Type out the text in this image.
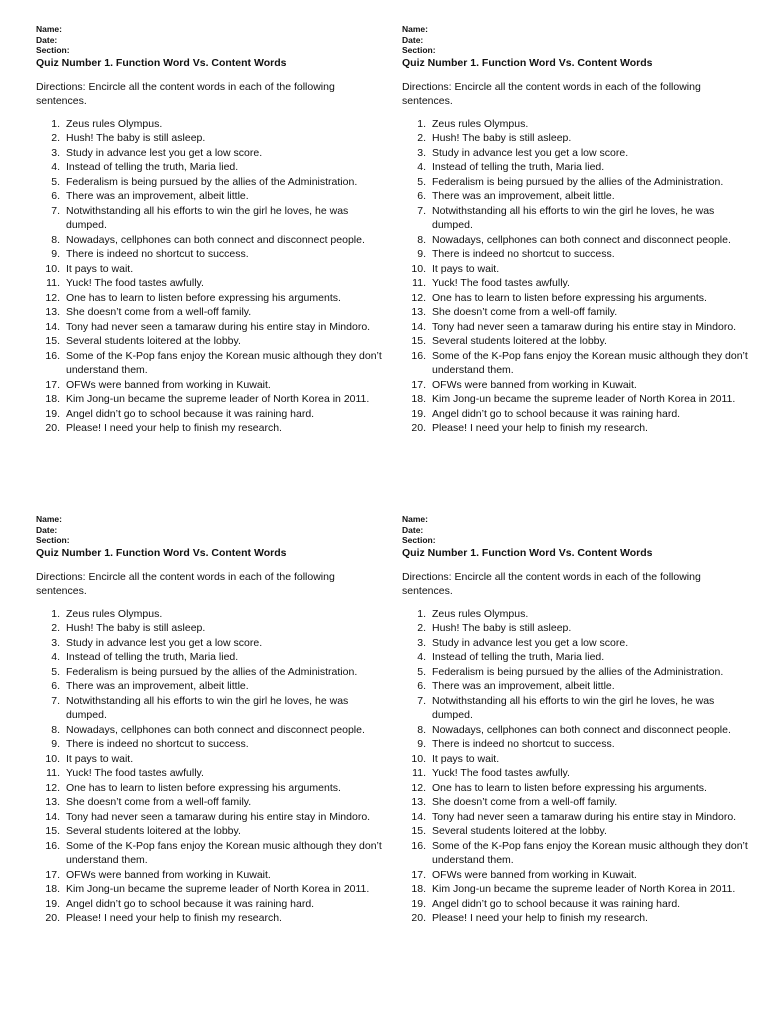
Name:
Date:
Section:
Quiz Number 1. Function Word Vs. Content Words
Directions: Encircle all the content words in each of the following sentences.
1. Zeus rules Olympus.
2. Hush! The baby is still asleep.
3. Study in advance lest you get a low score.
4. Instead of telling the truth, Maria lied.
5. Federalism is being pursued by the allies of the Administration.
6. There was an improvement, albeit little.
7. Notwithstanding all his efforts to win the girl he loves, he was dumped.
8. Nowadays, cellphones can both connect and disconnect people.
9. There is indeed no shortcut to success.
10. It pays to wait.
11. Yuck! The food tastes awfully.
12. One has to learn to listen before expressing his arguments.
13. She doesn’t come from a well-off family.
14. Tony had never seen a tamaraw during his entire stay in Mindoro.
15. Several students loitered at the lobby.
16. Some of the K-Pop fans enjoy the Korean music although they don’t understand them.
17. OFWs were banned from working in Kuwait.
18. Kim Jong-un became the supreme leader of North Korea in 2011.
19. Angel didn’t go to school because it was raining hard.
20. Please! I need your help to finish my research.
Name:
Date:
Section:
Quiz Number 1. Function Word Vs. Content Words
Directions: Encircle all the content words in each of the following sentences.
1. Zeus rules Olympus.
2. Hush! The baby is still asleep.
3. Study in advance lest you get a low score.
4. Instead of telling the truth, Maria lied.
5. Federalism is being pursued by the allies of the Administration.
6. There was an improvement, albeit little.
7. Notwithstanding all his efforts to win the girl he loves, he was dumped.
8. Nowadays, cellphones can both connect and disconnect people.
9. There is indeed no shortcut to success.
10. It pays to wait.
11. Yuck! The food tastes awfully.
12. One has to learn to listen before expressing his arguments.
13. She doesn’t come from a well-off family.
14. Tony had never seen a tamaraw during his entire stay in Mindoro.
15. Several students loitered at the lobby.
16. Some of the K-Pop fans enjoy the Korean music although they don’t understand them.
17. OFWs were banned from working in Kuwait.
18. Kim Jong-un became the supreme leader of North Korea in 2011.
19. Angel didn’t go to school because it was raining hard.
20. Please! I need your help to finish my research.
Name:
Date:
Section:
Quiz Number 1. Function Word Vs. Content Words
Directions: Encircle all the content words in each of the following sentences.
1. Zeus rules Olympus.
2. Hush! The baby is still asleep.
3. Study in advance lest you get a low score.
4. Instead of telling the truth, Maria lied.
5. Federalism is being pursued by the allies of the Administration.
6. There was an improvement, albeit little.
7. Notwithstanding all his efforts to win the girl he loves, he was dumped.
8. Nowadays, cellphones can both connect and disconnect people.
9. There is indeed no shortcut to success.
10. It pays to wait.
11. Yuck! The food tastes awfully.
12. One has to learn to listen before expressing his arguments.
13. She doesn’t come from a well-off family.
14. Tony had never seen a tamaraw during his entire stay in Mindoro.
15. Several students loitered at the lobby.
16. Some of the K-Pop fans enjoy the Korean music although they don’t understand them.
17. OFWs were banned from working in Kuwait.
18. Kim Jong-un became the supreme leader of North Korea in 2011.
19. Angel didn’t go to school because it was raining hard.
20. Please! I need your help to finish my research.
Name:
Date:
Section:
Quiz Number 1. Function Word Vs. Content Words
Directions: Encircle all the content words in each of the following sentences.
1. Zeus rules Olympus.
2. Hush! The baby is still asleep.
3. Study in advance lest you get a low score.
4. Instead of telling the truth, Maria lied.
5. Federalism is being pursued by the allies of the Administration.
6. There was an improvement, albeit little.
7. Notwithstanding all his efforts to win the girl he loves, he was dumped.
8. Nowadays, cellphones can both connect and disconnect people.
9. There is indeed no shortcut to success.
10. It pays to wait.
11. Yuck! The food tastes awfully.
12. One has to learn to listen before expressing his arguments.
13. She doesn’t come from a well-off family.
14. Tony had never seen a tamaraw during his entire stay in Mindoro.
15. Several students loitered at the lobby.
16. Some of the K-Pop fans enjoy the Korean music although they don’t understand them.
17. OFWs were banned from working in Kuwait.
18. Kim Jong-un became the supreme leader of North Korea in 2011.
19. Angel didn’t go to school because it was raining hard.
20. Please! I need your help to finish my research.
